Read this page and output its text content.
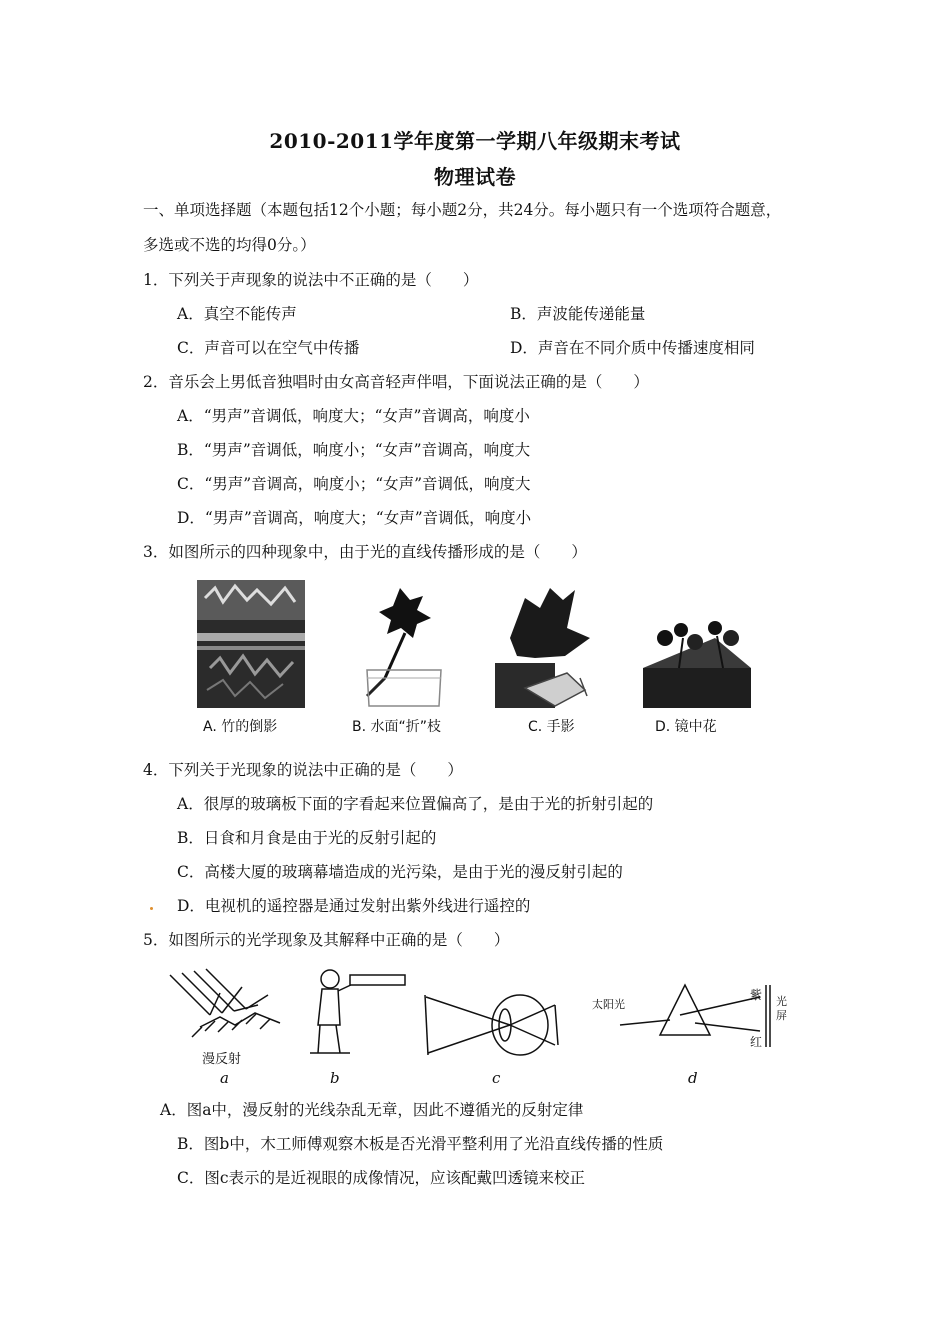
2010-2011学年度第一学期八年级期末考试
物理试卷
一、单项选择题（本题包括12个小题；每小题2分，共24分。每小题只有一个选项符合题意，
多选或不选的均得0分。）
1．下列关于声现象的说法中不正确的是（　　）
A．真空不能传声	B．声波能传递能量
C．声音可以在空气中传播	D．声音在不同介质中传播速度相同
2．音乐会上男低音独唱时由女高音轻声伴唱，下面说法正确的是（　　）
A．“男声”音调低，响度大；“女声”音调高，响度小
B．“男声”音调低，响度小；“女声”音调高，响度大
C．“男声”音调高，响度小；“女声”音调低，响度大
D．“男声”音调高，响度大；“女声”音调低，响度小
3．如图所示的四种现象中，由于光的直线传播形成的是（　　）
A. 竹的倒影	B. 水面“折”枝	C. 手影	D. 镜中花
4．下列关于光现象的说法中正确的是（　　）
A．很厚的玻璃板下面的字看起来位置偏高了，是由于光的折射引起的
B．日食和月食是由于光的反射引起的
C．高楼大厦的玻璃幕墙造成的光污染，是由于光的漫反射引起的
D．电视机的遥控器是通过发射出紫外线进行遥控的
5．如图所示的光学现象及其解释中正确的是（　　）
太阳光
紫
红
光屏
漫反射
a	b	c	d
A．图a中，漫反射的光线杂乱无章，因此不遵循光的反射定律
B．图b中，木工师傅观察木板是否光滑平整利用了光沿直线传播的性质
C．图c表示的是近视眼的成像情况，应该配戴凹透镜来校正
